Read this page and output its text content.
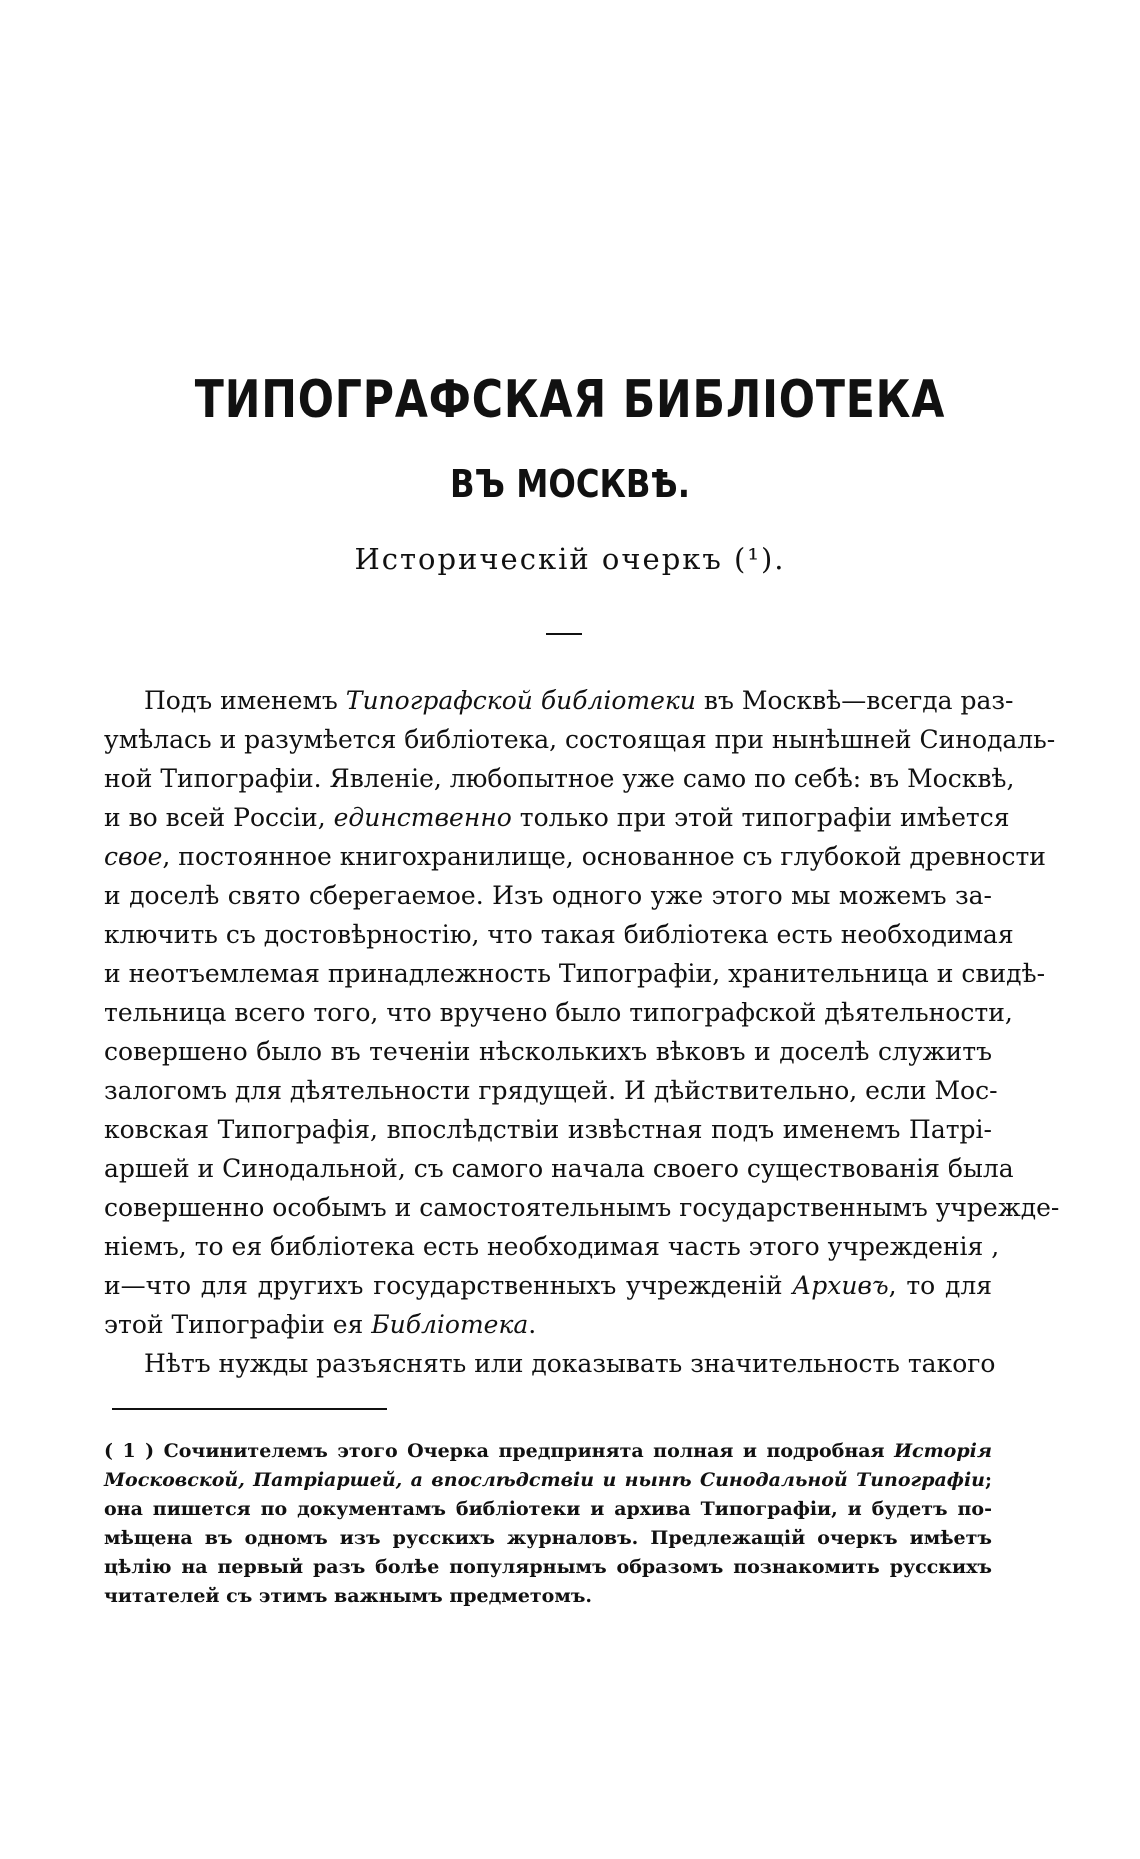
ТИПОГРАФСКАЯ БИБЛІОТЕКА
ВЪ МОСКВѢ.
Историческій очеркъ (¹).
Подъ именемъ Типографской библіотеки въ Москвѣ—всегда раз-
умѣлась и разумѣется библіотека, состоящая при нынѣшней Синодаль-
ной Типографіи. Явленіе, любопытное уже само по себѣ: въ Москвѣ,
и во всей Россіи, единственно только при этой типографіи имѣется
свое, постоянное книгохранилище, основанное съ глубокой древности
и доселѣ свято сберегаемое. Изъ одного уже этого мы можемъ за-
ключить съ достовѣрностію, что такая библіотека есть необходимая
и неотъемлемая принадлежность Типографіи, хранительница и свидѣ-
тельница всего того, что вручено было типографской дѣятельности,
совершено было въ теченіи нѣсколькихъ вѣковъ и доселѣ служитъ
залогомъ для дѣятельности грядущей. И дѣйствительно, если Мос-
ковская Типографія, впослѣдствіи извѣстная подъ именемъ Патрі-
аршей и Синодальной, съ самого начала своего существованія была
совершенно особымъ и самостоятельнымъ государственнымъ учрежде-
ніемъ, то ея библіотека есть необходимая часть этого учрежденія ,
и—что для другихъ государственныхъ учрежденій Архивъ, то для
этой Типографіи ея Библіотека.
Нѣтъ нужды разъяснять или доказывать значительность такого
( 1 ) Сочинителемъ этого Очерка предпринята полная и подробная Исторія
Московской, Патріаршей, а впослѣдствіи и нынѣ Синодальной Типографіи;
она пишется по документамъ библіотеки и архива Типографіи, и будетъ по-
мѣщена въ одномъ изъ русскихъ журналовъ. Предлежащій очеркъ имѣетъ
цѣлію на первый разъ болѣе популярнымъ образомъ познакомить русскихъ
читателей съ этимъ важнымъ предметомъ.
